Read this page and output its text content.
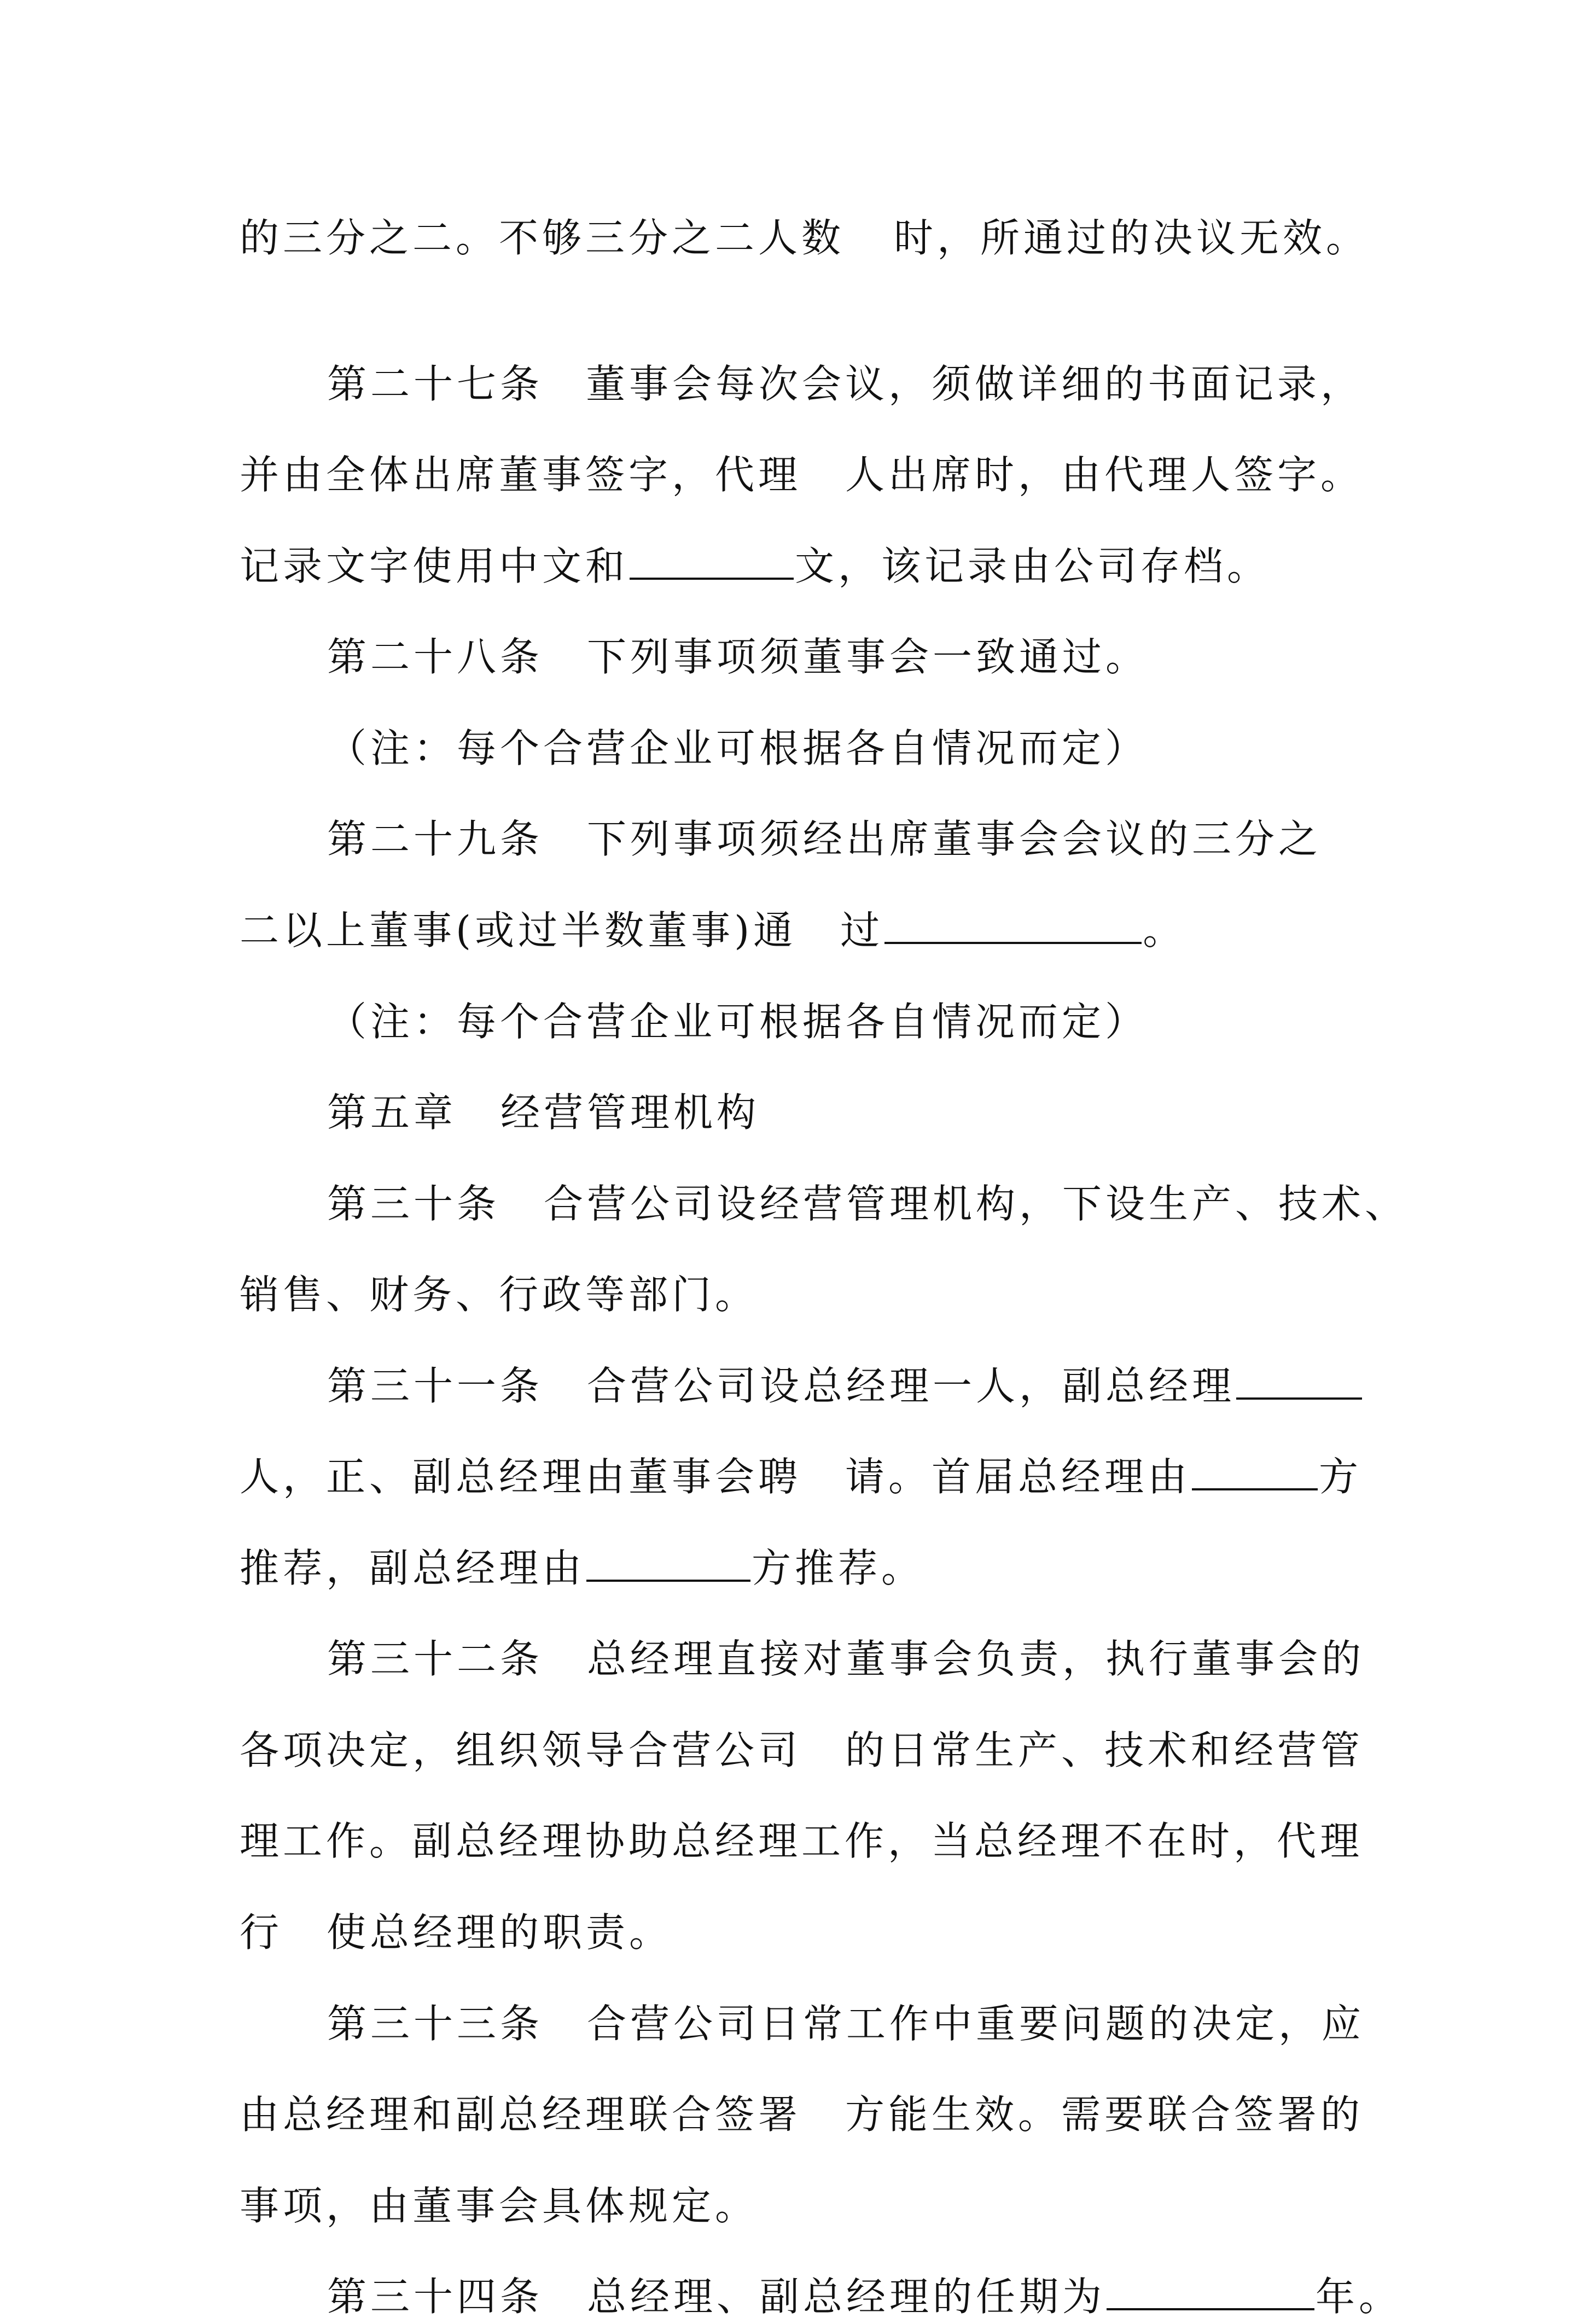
的三分之二。不够三分之二人数 时，所通过的决议无效。
第二十七条 董事会每次会议，须做详细的书面记录，
并由全体出席董事签字，代理 人出席时，由代理人签字。
记录文字使用中文和	文，该记录由公司存档。
第二十八条 下列事项须董事会一致通过。
（注：每个合营企业可根据各自情况而定）
第二十九条 下列事项须经出席董事会会议的三分之
二以上董事(或过半数董事)通 过	。
（注：每个合营企业可根据各自情况而定）
第五章 经营管理机构
第三十条 合营公司设经营管理机构，下设生产、技术、
销售、财务、行政等部门。
第三十一条 合营公司设总经理一人，副总经理
人，正、副总经理由董事会聘 请。首届总经理由	方
推荐，副总经理由	方推荐。
第三十二条 总经理直接对董事会负责，执行董事会的
各项决定，组织领导合营公司 的日常生产、技术和经营管
理工作。副总经理协助总经理工作，当总经理不在时，代理
行 使总经理的职责。
第三十三条 合营公司日常工作中重要问题的决定，应
由总经理和副总经理联合签署 方能生效。需要联合签署的
事项，由董事会具体规定。
第三十四条 总经理、副总经理的任期为	年。
